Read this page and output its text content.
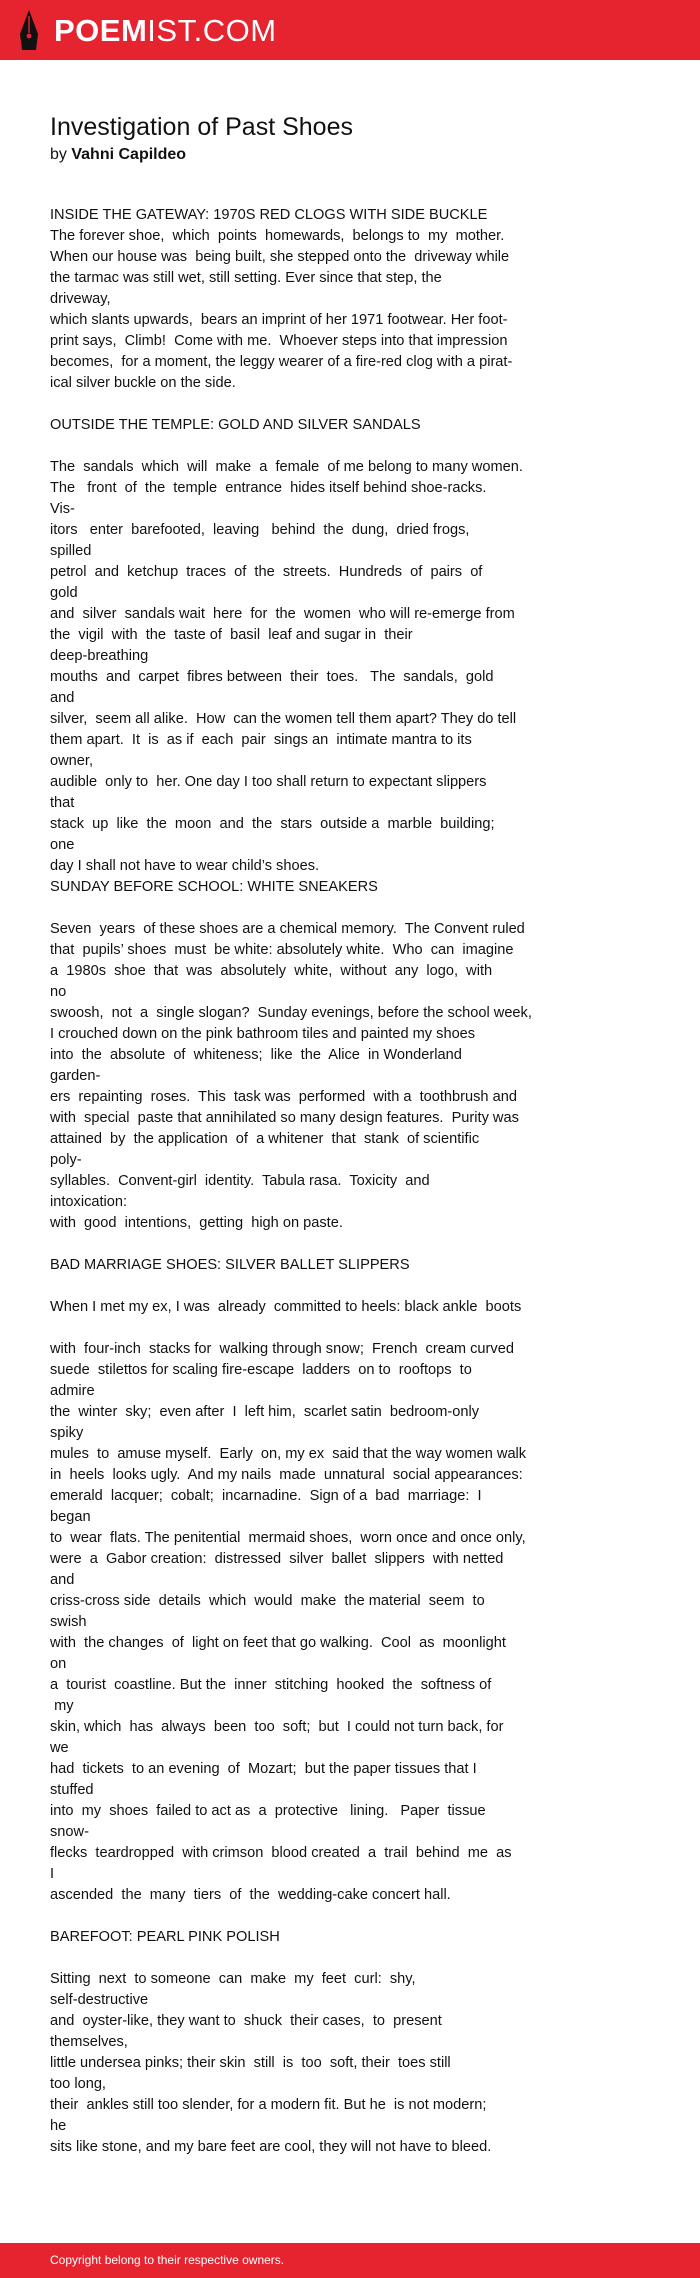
POEMIST.COM
Investigation of Past Shoes
by Vahni Capildeo
INSIDE THE GATEWAY: 1970S RED CLOGS WITH SIDE BUCKLE
The forever shoe,  which  points  homewards,  belongs to  my  mother.
When our house was  being built, she stepped onto the  driveway while
the tarmac was still wet, still setting. Ever since that step, the
driveway,
which slants upwards,  bears an imprint of her 1971 footwear. Her foot-
print says,  Climb!  Come with me.  Whoever steps into that impression
becomes,  for a moment, the leggy wearer of a fire-red clog with a pirat-
ical silver buckle on the side.

OUTSIDE THE TEMPLE: GOLD AND SILVER SANDALS

The  sandals  which  will  make  a  female  of me belong to many women.
The   front  of  the  temple  entrance  hides itself behind shoe-racks.
Vis-
itors   enter  barefooted,  leaving   behind  the  dung,  dried frogs,
spilled
petrol  and  ketchup  traces  of  the  streets.  Hundreds  of  pairs  of
gold
and  silver  sandals wait  here  for  the  women  who will re-emerge from
the  vigil  with  the  taste of  basil  leaf and sugar in  their
deep-breathing
mouths  and  carpet  fibres between  their  toes.   The  sandals,  gold
and
silver,  seem all alike.  How  can the women tell them apart? They do tell
them apart.  It  is  as if  each  pair  sings an  intimate mantra to its
owner,
audible  only to  her. One day I too shall return to expectant slippers
that
stack  up  like  the  moon  and  the  stars  outside a  marble  building;
one
day I shall not have to wear child’s shoes.
SUNDAY BEFORE SCHOOL: WHITE SNEAKERS

Seven  years  of these shoes are a chemical memory.  The Convent ruled
that  pupils’ shoes  must  be white: absolutely white.  Who  can  imagine
a  1980s  shoe  that  was  absolutely  white,  without  any  logo,  with
no
swoosh,  not  a  single slogan?  Sunday evenings, before the school week,
I crouched down on the pink bathroom tiles and painted my shoes
into  the  absolute  of  whiteness;  like  the  Alice  in Wonderland
garden-
ers  repainting  roses.  This  task was  performed  with a  toothbrush and
with  special  paste that annihilated so many design features.  Purity was
attained  by  the application  of  a whitener  that  stank  of scientific
poly-
syllables.  Convent-girl  identity.  Tabula rasa.  Toxicity  and
intoxication:
with  good  intentions,  getting  high on paste.

BAD MARRIAGE SHOES: SILVER BALLET SLIPPERS

When I met my ex, I was  already  committed to heels: black ankle  boots

with  four-inch  stacks for  walking through snow;  French  cream curved
suede  stilettos for scaling fire-escape  ladders  on to  rooftops  to
admire
the  winter  sky;  even after  I  left him,  scarlet satin  bedroom-only
spiky
mules  to  amuse myself.  Early  on, my ex  said that the way women walk
in  heels  looks ugly.  And my nails  made  unnatural  social appearances:
emerald  lacquer;  cobalt;  incarnadine.  Sign of a  bad  marriage:  I
began
to  wear  flats. The penitential  mermaid shoes,  worn once and once only,
were  a  Gabor creation:  distressed  silver  ballet  slippers  with netted
and
criss-cross side  details  which  would  make  the material  seem  to
swish
with  the changes  of  light on feet that go walking.  Cool  as  moonlight
on
a  tourist  coastline. But the  inner  stitching  hooked  the  softness of
my
skin, which  has  always  been  too  soft;  but  I could not turn back, for
we
had  tickets  to an evening  of  Mozart;  but the paper tissues that I
stuffed
into  my  shoes  failed to act as  a  protective   lining.   Paper  tissue
snow-
flecks  teardropped  with crimson  blood created  a  trail  behind  me  as
I
ascended  the  many  tiers  of  the  wedding-cake concert hall.

BAREFOOT: PEARL PINK POLISH

Sitting  next  to someone  can  make  my  feet  curl:  shy,
self-destructive
and  oyster-like, they want to  shuck  their cases,  to  present
themselves,
little undersea pinks; their skin  still  is  too  soft, their  toes still
too long,
their  ankles still too slender, for a modern fit. But he  is not modern;
he
sits like stone, and my bare feet are cool, they will not have to bleed.
Copyright belong to their respective owners.
